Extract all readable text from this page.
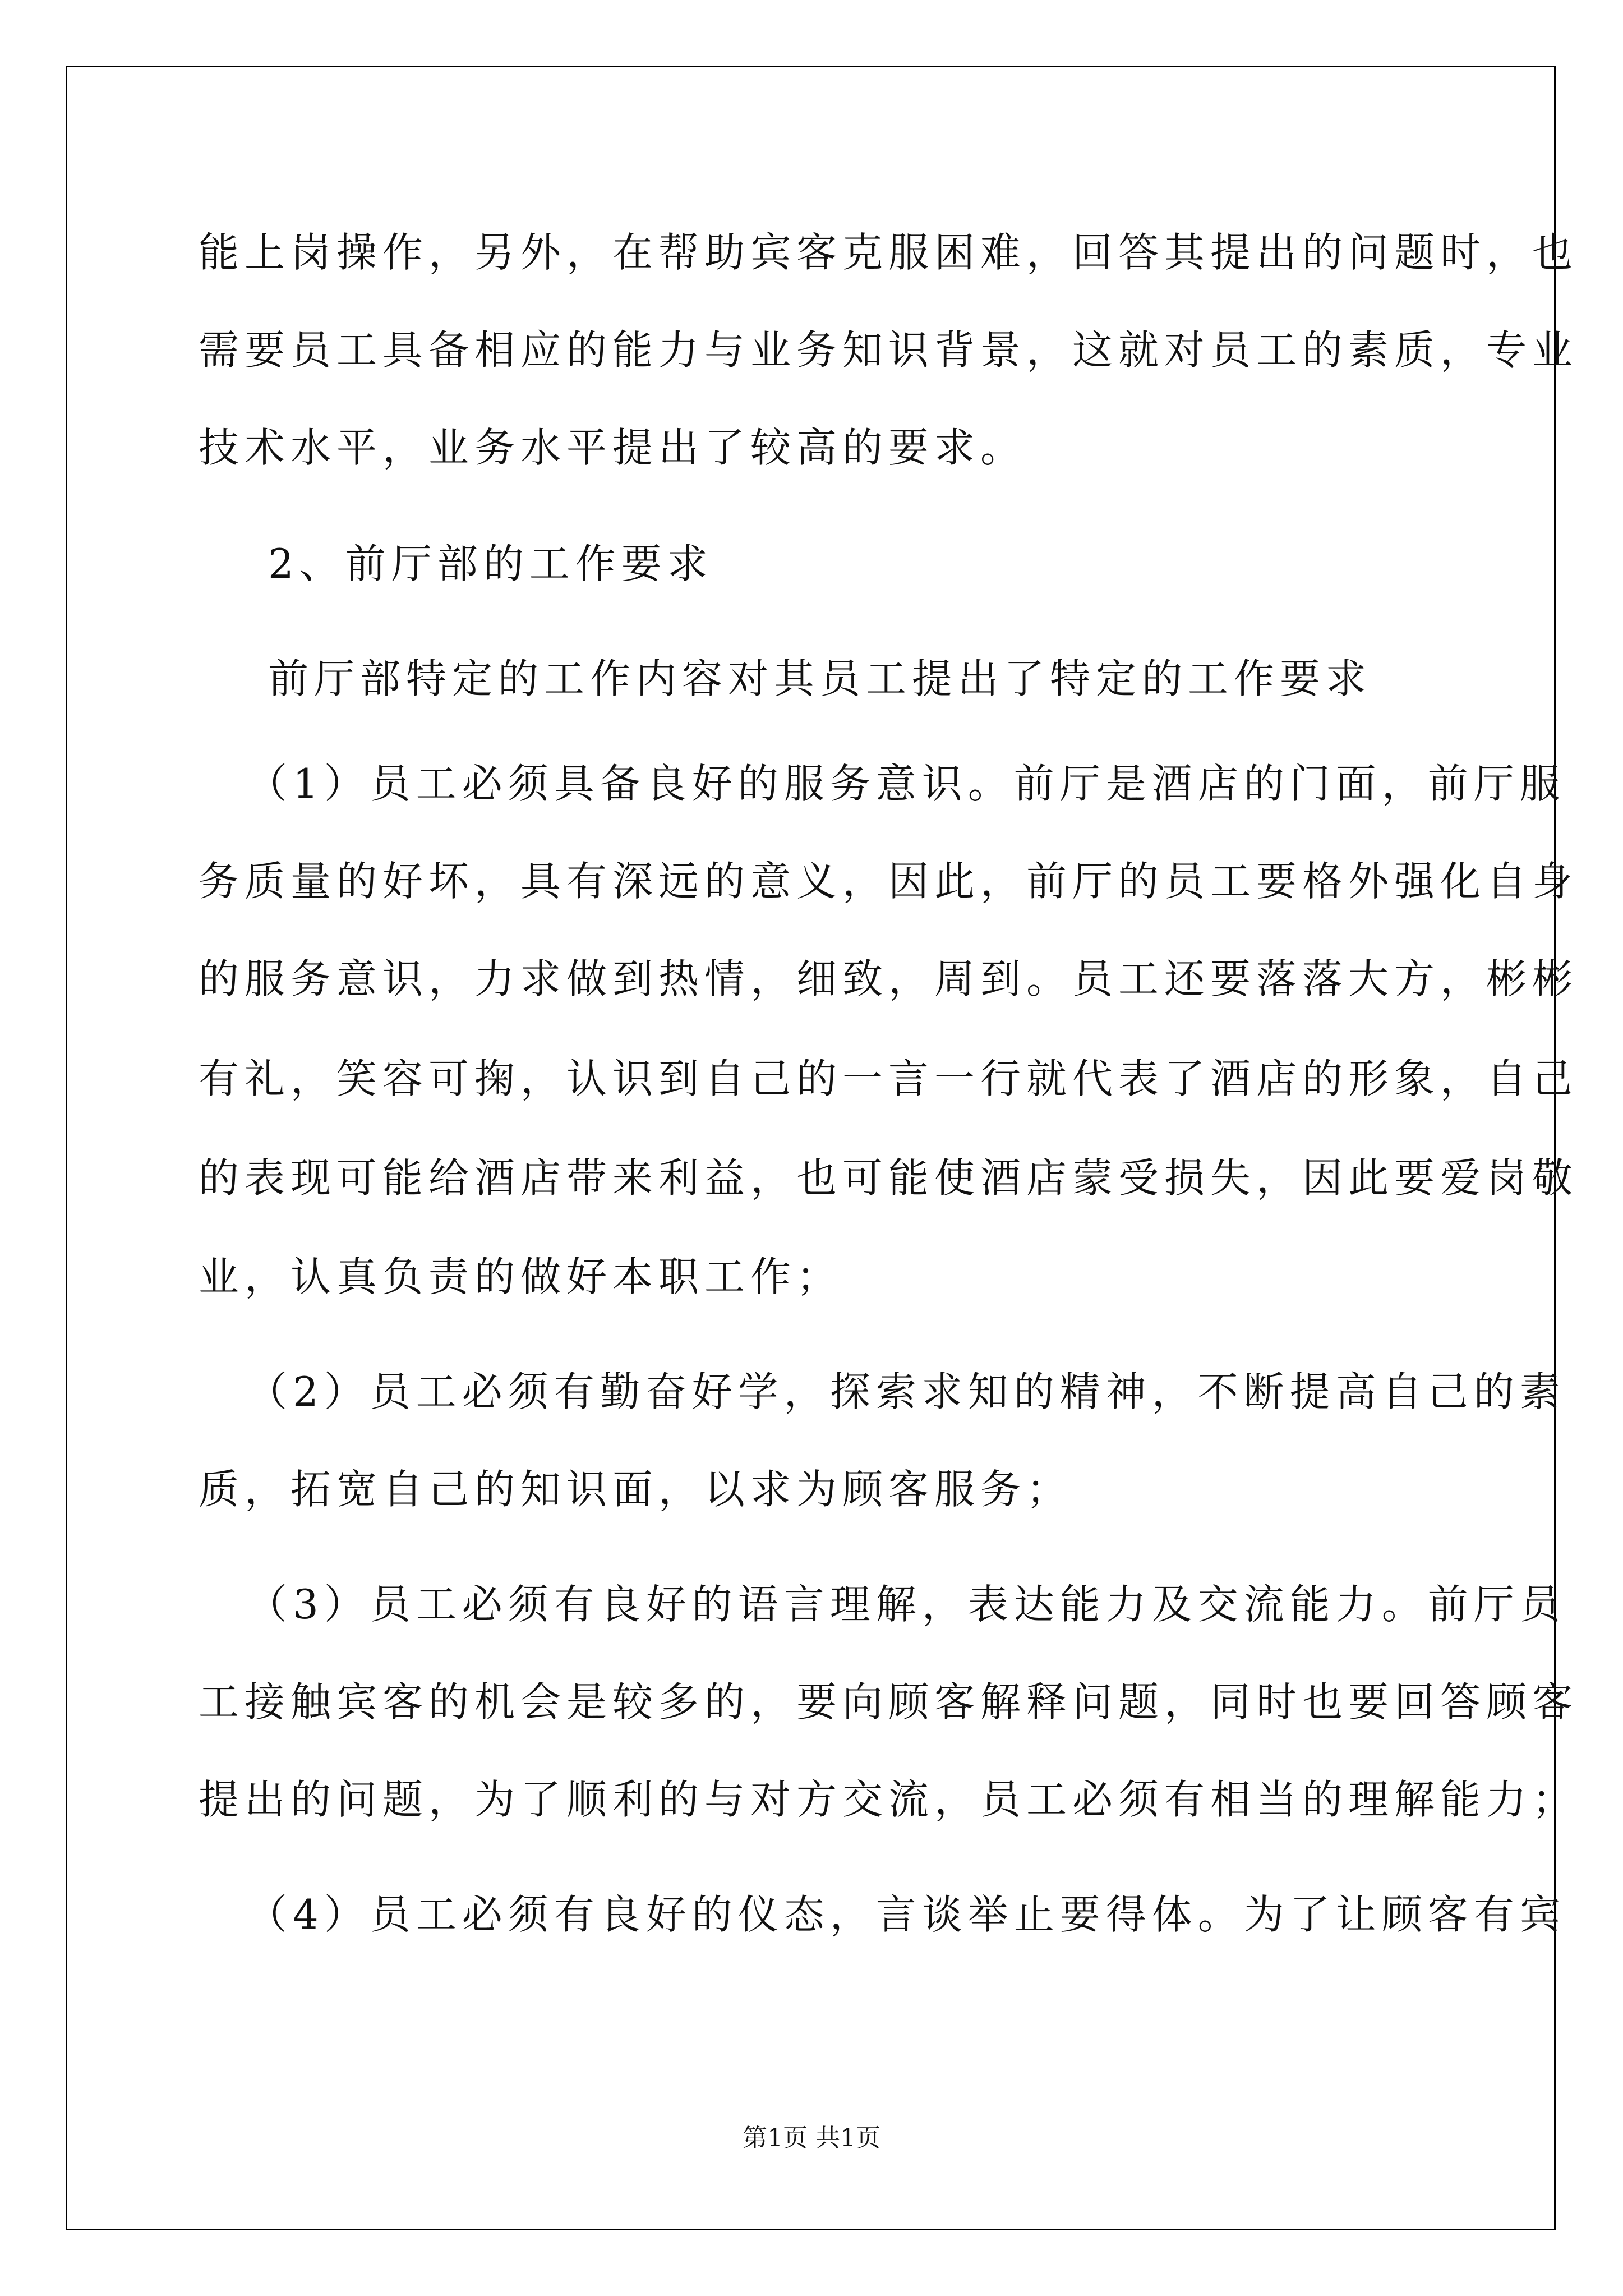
能上岗操作，另外，在帮助宾客克服困难，回答其提出的问题时，也
需要员工具备相应的能力与业务知识背景，这就对员工的素质，专业
技术水平，业务水平提出了较高的要求。
2、前厅部的工作要求
前厅部特定的工作内容对其员工提出了特定的工作要求
（1）员工必须具备良好的服务意识。前厅是酒店的门面，前厅服
务质量的好坏，具有深远的意义，因此，前厅的员工要格外强化自身
的服务意识，力求做到热情，细致，周到。员工还要落落大方，彬彬
有礼，笑容可掬，认识到自己的一言一行就代表了酒店的形象，自己
的表现可能给酒店带来利益，也可能使酒店蒙受损失，因此要爱岗敬
业，认真负责的做好本职工作；
（2）员工必须有勤奋好学，探索求知的精神，不断提高自己的素
质，拓宽自己的知识面，以求为顾客服务；
（3）员工必须有良好的语言理解，表达能力及交流能力。前厅员
工接触宾客的机会是较多的，要向顾客解释问题，同时也要回答顾客
提出的问题，为了顺利的与对方交流，员工必须有相当的理解能力；
（4）员工必须有良好的仪态，言谈举止要得体。为了让顾客有宾
第1页 共1页
